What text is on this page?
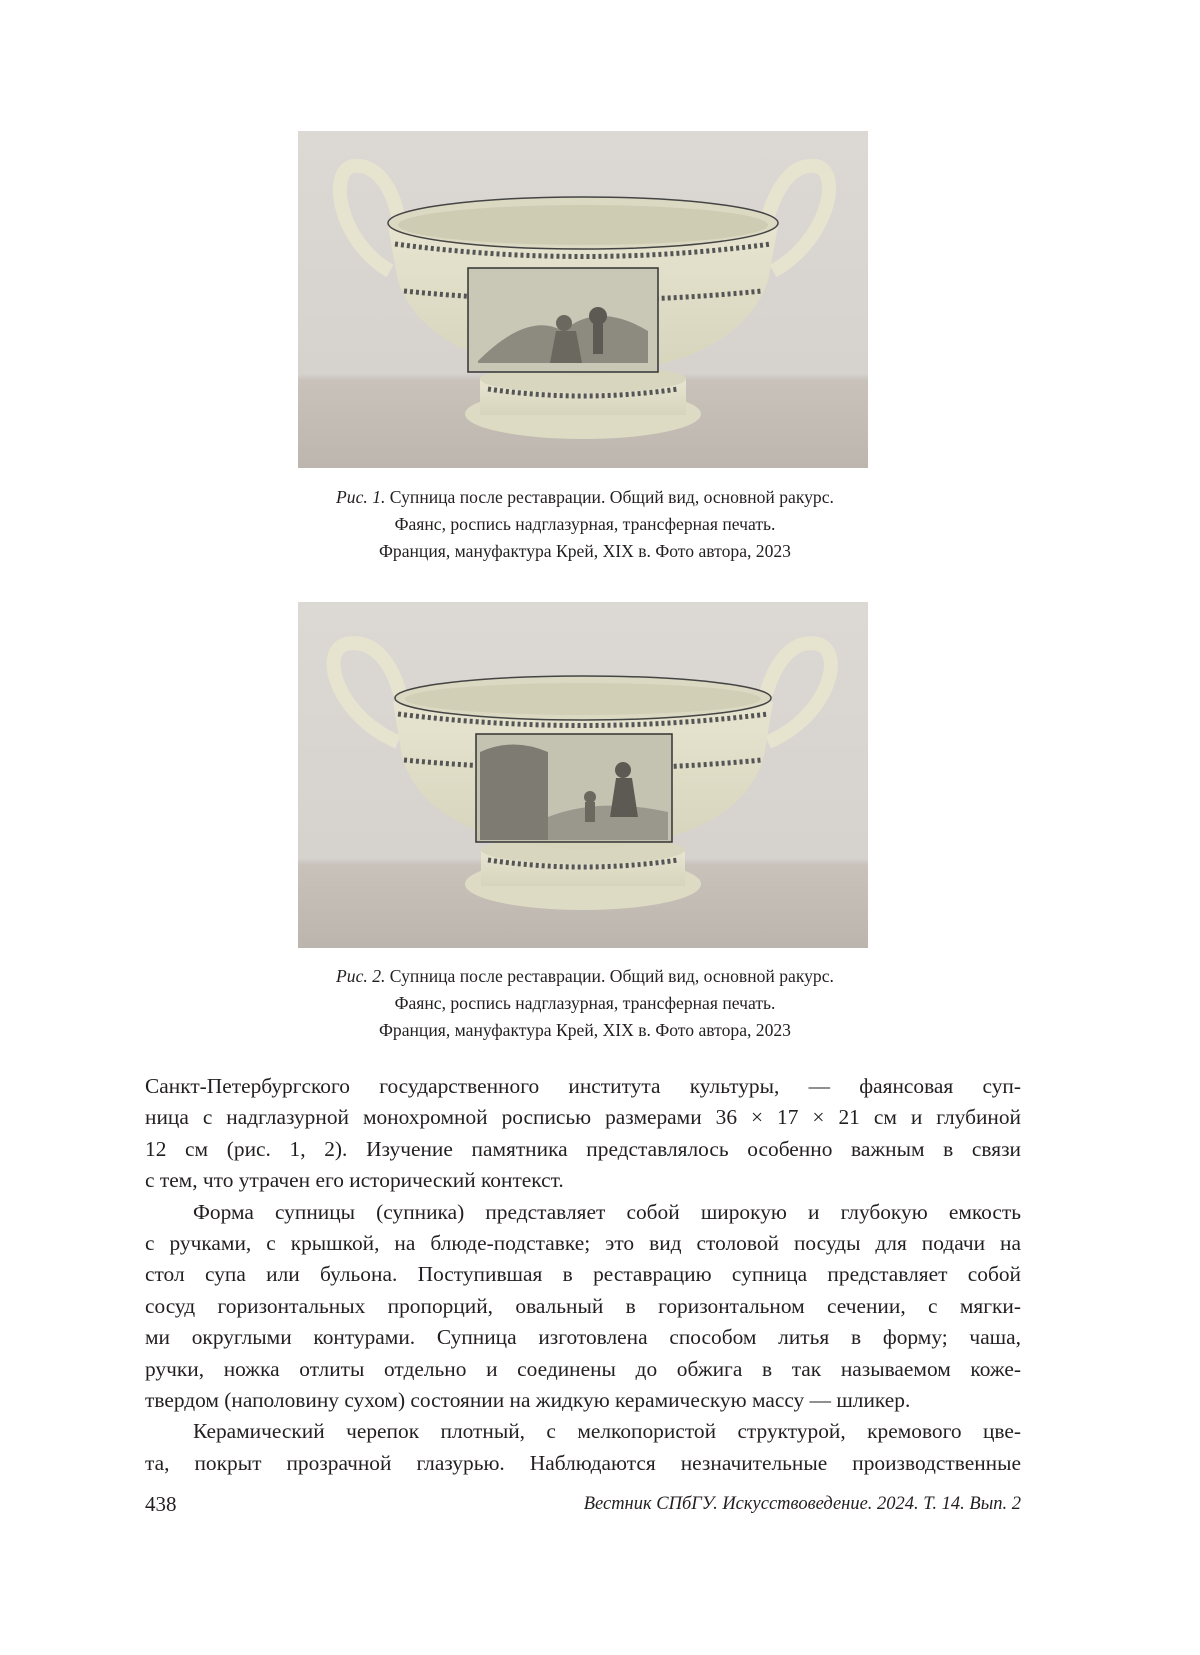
Рис. 1. Супница после реставрации. Общий вид, основной ракурс.
Фаянс, роспись надглазурная, трансферная печать.
Франция, мануфактура Крей, XIX в. Фото автора, 2023
Рис. 2. Супница после реставрации. Общий вид, основной ракурс.
Фаянс, роспись надглазурная, трансферная печать.
Франция, мануфактура Крей, XIX в. Фото автора, 2023

Санкт-Петербургского государственного института культуры, — фаянсовая суп-
ница с надглазурной монохромной росписью размерами 36 × 17 × 21 см и глубиной
12 см (рис. 1, 2). Изучение памятника представлялось особенно важным в связи
с тем, что утрачен его исторический контекст.

Форма супницы (супника) представляет собой широкую и глубокую емкость
с ручками, с крышкой, на блюде-подставке; это вид столовой посуды для подачи на
стол супа или бульона. Поступившая в реставрацию супница представляет собой
сосуд горизонтальных пропорций, овальный в горизонтальном сечении, с мягки-
ми округлыми контурами. Супница изготовлена способом литья в форму; чаша,
ручки, ножка отлиты отдельно и соединены до обжига в так называемом коже-
твердом (наполовину сухом) состоянии на жидкую керамическую массу — шликер.

Керамический черепок плотный, с мелкопористой структурой, кремового цве-
та, покрыт прозрачной глазурью. Наблюдаются незначительные производственные

438	Вестник СПбГУ. Искусствоведение. 2024. Т. 14. Вып. 2
